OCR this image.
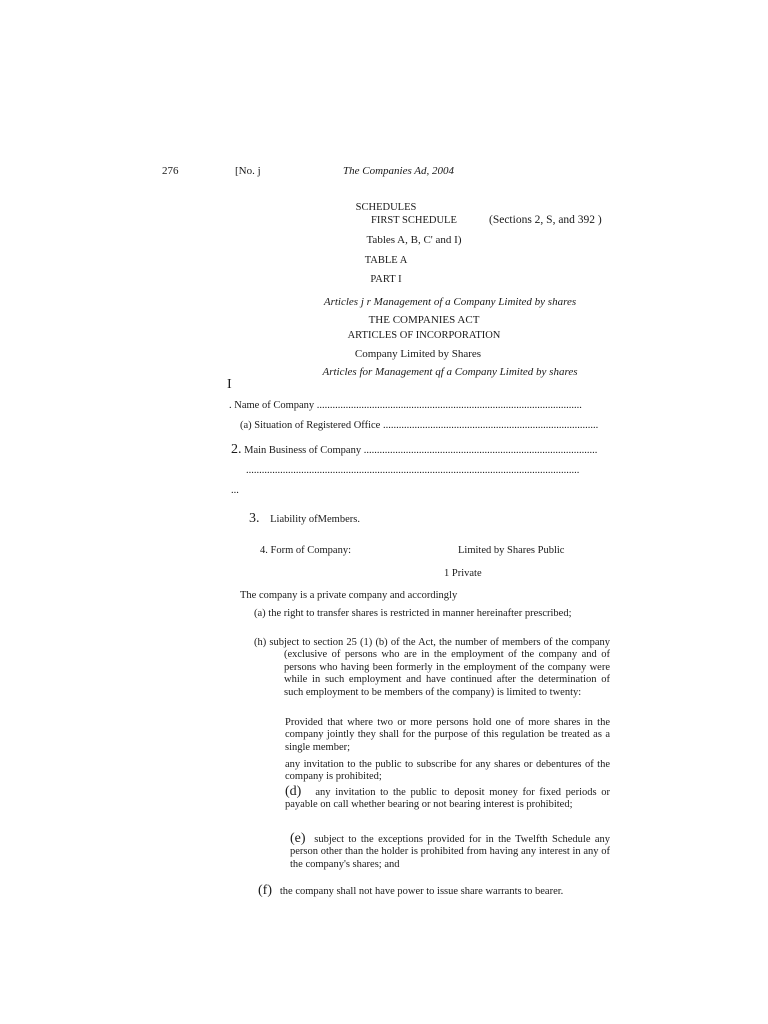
276	[No. j	The Companies Ad, 2004
SCHEDULES
FIRST SCHEDULE	(Sections 2, S, and 392 )
Tables A, B, C' and I)
TABLE A
PART I
Articles j r Management of a Company Limited by shares
THE COMPANIES ACT
ARTICLES OF INCORPORATION
Company Limited by Shares
Articles for Management qf a Company Limited by shares
I
. Name of Company .....................................................................................................
(a) Situation of Registered Office ..................................................................................
2. Main Business of Company .........................................................................................
...............................................................................................................................
...
3. Liability ofMembers.
4. Form of Company:	Limited by Shares Public
1 Private
The company is a private company and accordingly
(a) the right to transfer shares is restricted in manner hereinafter prescribed;
(h) subject to section 25 (1) (b) of the Act, the number of members of the company (exclusive of persons who are in the employment of the company and of persons who having been formerly in the employment of the company were while in such employment and have continued after the determination of such employment to be members of the company) is limited to twenty:
Provided that where two or more persons hold one of more shares in the company jointly they shall for the purpose of this regulation be treated as a single member;
any invitation to the public to subscribe for any shares or debentures of the company is prohibited;
(d) any invitation to the public to deposit money for fixed periods or payable on call whether bearing or not bearing interest is prohibited;
(e) subject to the exceptions provided for in the Twelfth Schedule any person other than the holder is prohibited from having any interest in any of the company's shares; and
(f) the company shall not have power to issue share warrants to bearer.
